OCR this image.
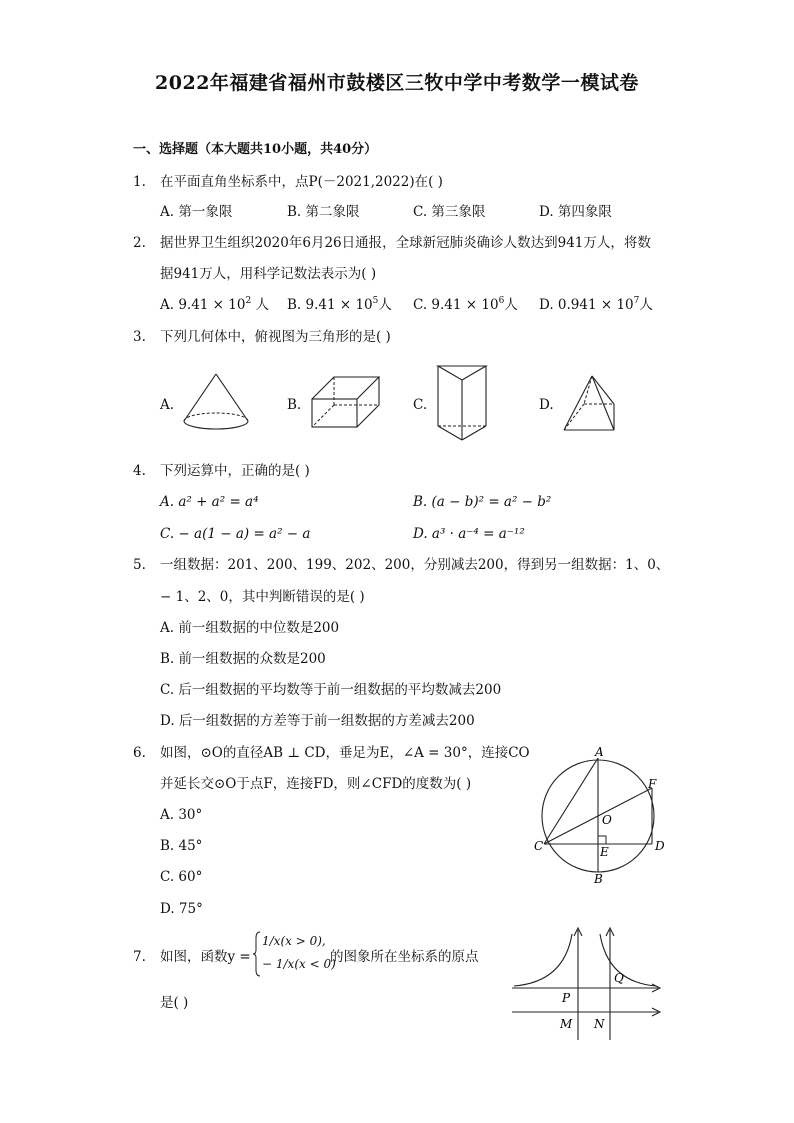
2022年福建省福州市鼓楼区三牧中学中考数学一模试卷
一、选择题（本大题共10小题，共40分）
1. 在平面直角坐标系中，点P(－2021,2022)在( )
A. 第一象限	B. 第二象限	C. 第三象限	D. 第四象限
2. 据世界卫生组织2020年6月26日通报，全球新冠肺炎确诊人数达到941万人，将数
据941万人，用科学记数法表示为( )
A. $9.41 \times 10^2$ 人 B. $9.41 \times 10^5$人 C. $9.41 \times 10^6$人 D. $0.941 \times 10^7$人
3. 下列几何体中，俯视图为三角形的是( )
A.	B.	C.	D.
4. 下列运算中，正确的是( )
A. a² + a² = a⁴	B. (a − b)² = a² − b²
C. − a(1 − a) = a² − a	D. a³ · a⁻⁴ = a⁻¹²
5. 一组数据：201、200、199、202、200，分别减去200，得到另一组数据：1、0、
− 1、2、0，其中判断错误的是( )
A. 前一组数据的中位数是200
B. 前一组数据的众数是200
C. 后一组数据的平均数等于前一组数据的平均数减去200
D. 后一组数据的方差等于前一组数据的方差减去200
6. 如图，⊙O的直径AB ⊥ CD，垂足为E，∠A = 30°，连接CO
并延长交⊙O于点F，连接FD，则∠CFD的度数为( )
A. 30°
B. 45°
C. 60°
D. 75°
A
B
C	D
E
F
O
7. 如图，函数y =
1/x(x > 0),
− 1/x(x < 0)
的图象所在坐标系的原点
是( )	P
Q
M N
